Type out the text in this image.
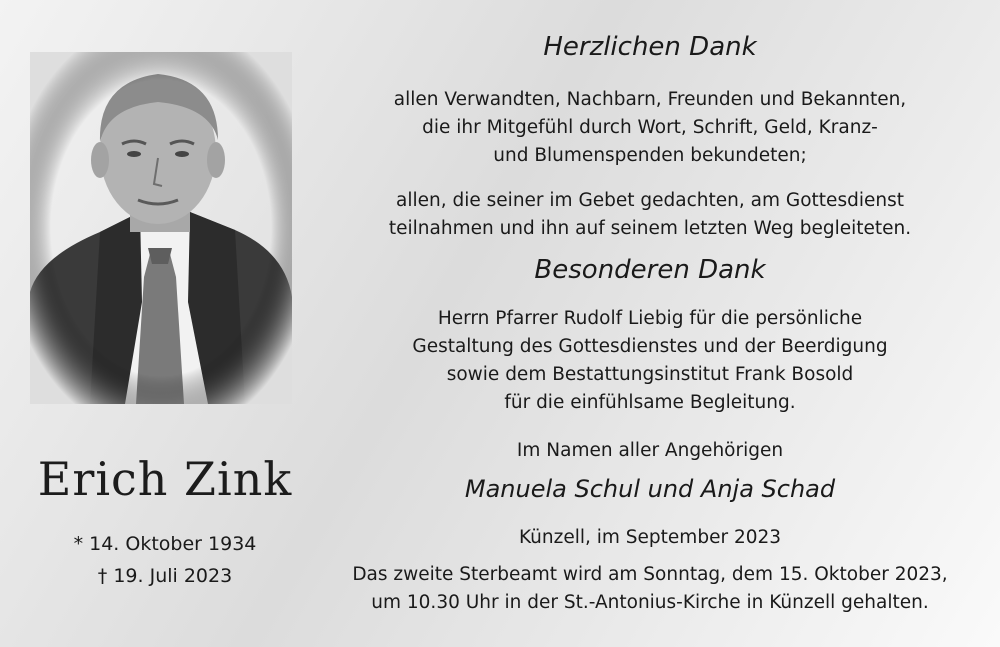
Erich Zink
* 14. Oktober 1934
† 19. Juli 2023
Herzlichen Dank
allen Verwandten, Nachbarn, Freunden und Bekannten,
die ihr Mitgefühl durch Wort, Schrift, Geld, Kranz-
und Blumenspenden bekundeten;
allen, die seiner im Gebet gedachten, am Gottesdienst
teilnahmen und ihn auf seinem letzten Weg begleiteten.
Besonderen Dank
Herrn Pfarrer Rudolf Liebig für die persönliche
Gestaltung des Gottesdienstes und der Beerdigung
sowie dem Bestattungsinstitut Frank Bosold
für die einfühlsame Begleitung.
Im Namen aller Angehörigen
Manuela Schul und Anja Schad
Künzell, im September 2023
Das zweite Sterbeamt wird am Sonntag, dem 15. Oktober 2023,
um 10.30 Uhr in der St.-Antonius-Kirche in Künzell gehalten.
